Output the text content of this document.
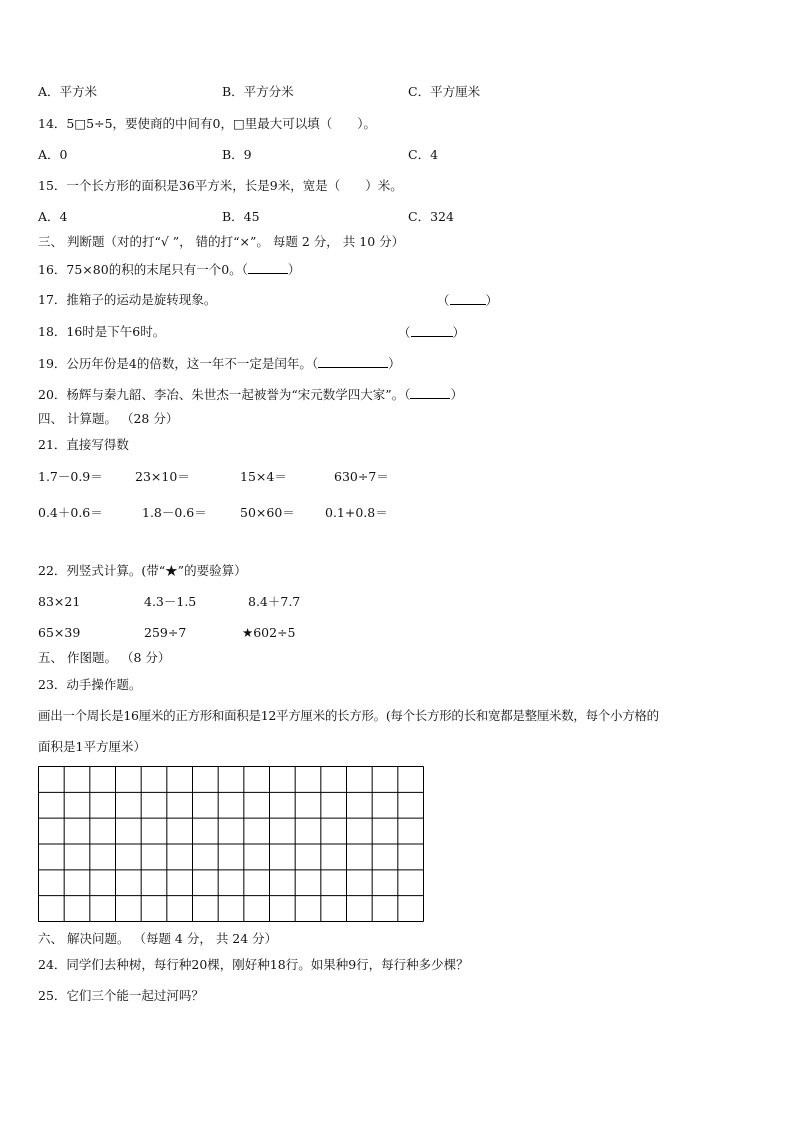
A．平方米	B．平方分米	C．平方厘米
14．5□5÷5，要使商的中间有0，□里最大可以填（　　）。
A．0	B．9	C．4
15．一个长方形的面积是36平方米，长是9米，宽是（　　）米。
A．4	B．45	C．324
三、 判断题（对的打“√ ”， 错的打“×”。 每题 2 分， 共 10 分）
16．75×80的积的末尾只有一个0。（	）
17．推箱子的运动是旋转现象。	（	）
18．16时是下午6时。	（	）
19．公历年份是4的倍数，这一年不一定是闰年。（	）
20．杨辉与秦九韶、李冶、朱世杰一起被誉为“宋元数学四大家”。（	）
四、 计算题。 （28 分）
21．直接写得数
1.7－0.9＝	23×10＝	15×4＝	630÷7＝
0.4＋0.6＝	1.8－0.6＝	50×60＝ 0.1+0.8＝
22．列竖式计算。(带“★”的要验算）
83×21	4.3－1.5	8.4＋7.7
65×39	259÷7	★602÷5
五、 作图题。 （8 分）
23．动手操作题。
画出一个周长是16厘米的正方形和面积是12平方厘米的长方形。(每个长方形的长和宽都是整厘米数，每个小方格的
面积是1平方厘米）
六、 解决问题。 （每题 4 分， 共 24 分）
24．同学们去种树，每行种20棵，刚好种18行。如果种9行，每行种多少棵？
25．它们三个能一起过河吗？
